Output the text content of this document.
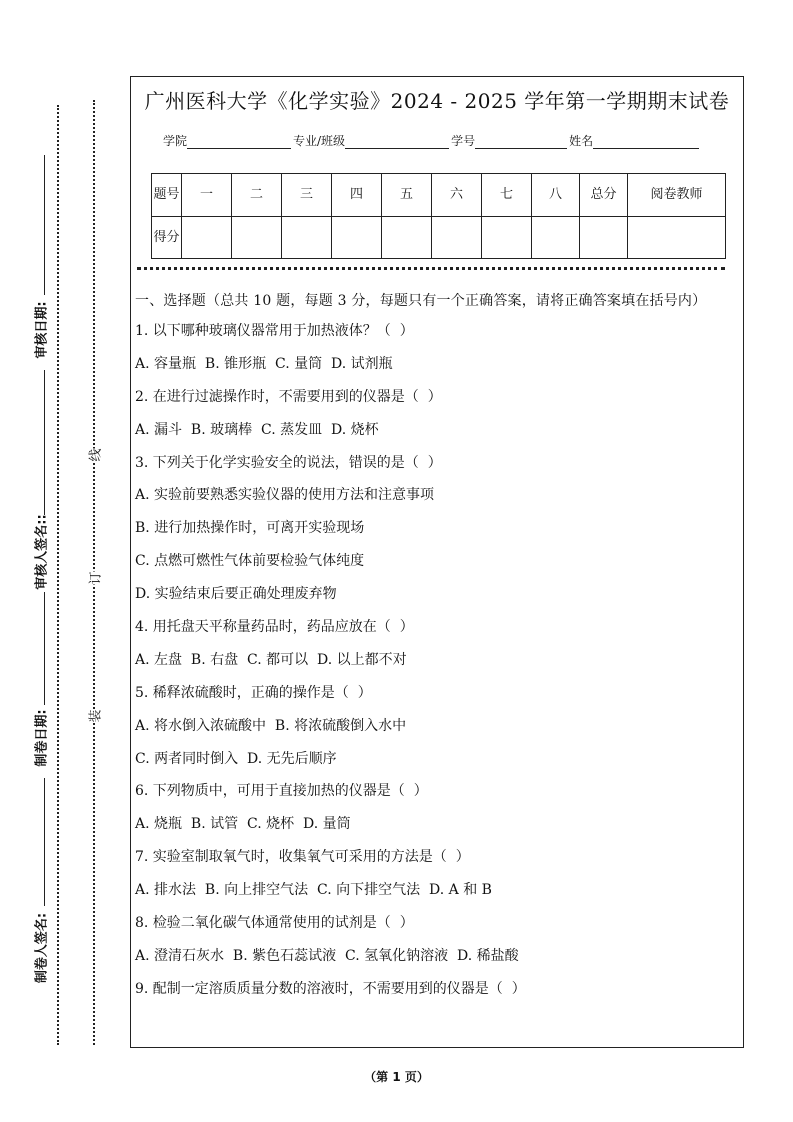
审核日期:
审核人签名::
制卷日期:
制卷人签名:
线
订
装
广州医科大学《化学实验》2024 - 2025 学年第一学期期末试卷
学院	专业/班级	学号	姓名
题号	一	二	三	四	五	六	七	八	总分	阅卷教师
得分										
一、选择题（总共 10 题，每题 3 分，每题只有一个正确答案，请将正确答案填在括号内）
1. 以下哪种玻璃仪器常用于加热液体？（  ）
A. 容量瓶  B. 锥形瓶  C. 量筒  D. 试剂瓶
2. 在进行过滤操作时，不需要用到的仪器是（  ）
A. 漏斗  B. 玻璃棒  C. 蒸发皿  D. 烧杯
3. 下列关于化学实验安全的说法，错误的是（  ）
A. 实验前要熟悉实验仪器的使用方法和注意事项
B. 进行加热操作时，可离开实验现场
C. 点燃可燃性气体前要检验气体纯度
D. 实验结束后要正确处理废弃物
4. 用托盘天平称量药品时，药品应放在（  ）
A. 左盘  B. 右盘  C. 都可以  D. 以上都不对
5. 稀释浓硫酸时，正确的操作是（  ）
A. 将水倒入浓硫酸中  B. 将浓硫酸倒入水中
C. 两者同时倒入  D. 无先后顺序
6. 下列物质中，可用于直接加热的仪器是（  ）
A. 烧瓶  B. 试管  C. 烧杯  D. 量筒
7. 实验室制取氧气时，收集氧气可采用的方法是（  ）
A. 排水法  B. 向上排空气法  C. 向下排空气法  D. A 和 B
8. 检验二氧化碳气体通常使用的试剂是（  ）
A. 澄清石灰水  B. 紫色石蕊试液  C. 氢氧化钠溶液  D. 稀盐酸
9. 配制一定溶质质量分数的溶液时，不需要用到的仪器是（  ）
（第 1 页）
